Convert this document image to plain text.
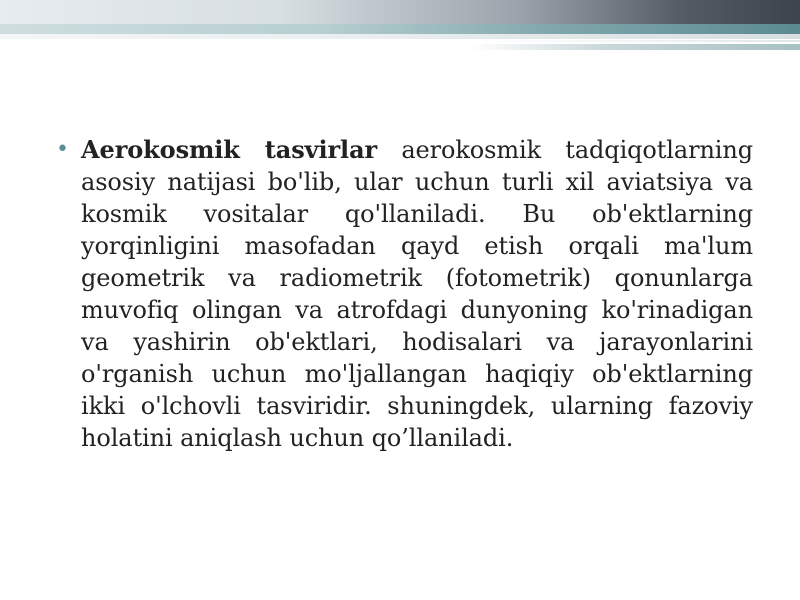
• Aerokosmik tasvirlar aerokosmik tadqiqotlarning asosiy natijasi bo'lib, ular uchun turli xil aviatsiya va kosmik vositalar qo'llaniladi. Bu ob'ektlarning yorqinligini masofadan qayd etish orqali ma'lum geometrik va radiometrik (fotometrik) qonunlarga muvofiq olingan va atrofdagi dunyoning ko'rinadigan va yashirin ob'ektlari, hodisalari va jarayonlarini o'rganish uchun mo'ljallangan haqiqiy ob'ektlarning ikki o'lchovli tasviridir. shuningdek, ularning fazoviy holatini aniqlash uchun qo’llaniladi.
